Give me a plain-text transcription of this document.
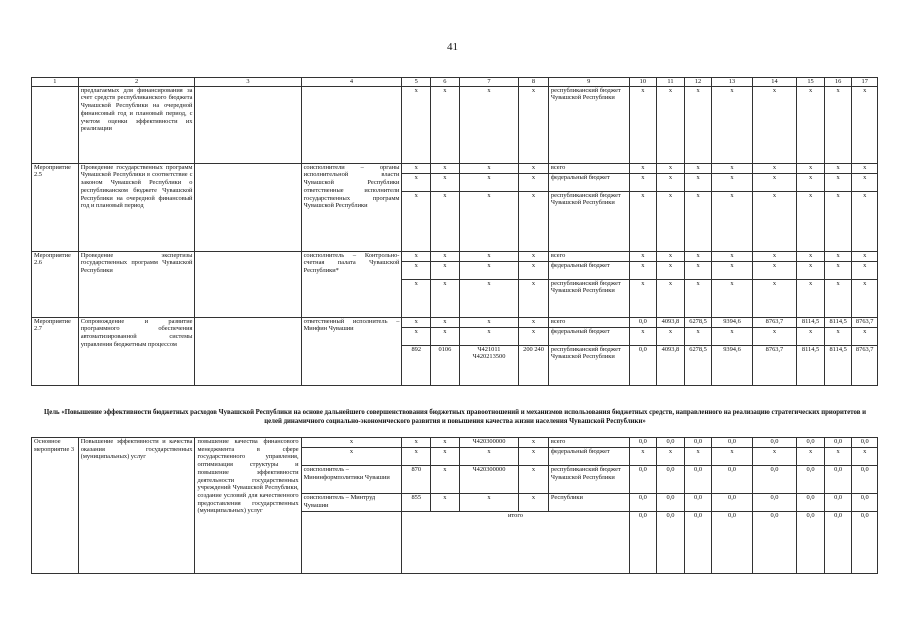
41
1	2	3	4	5	6	7	8	9	10	11	12	13	14	15	16	17
	предлагаемых для финансирования за счет средств республиканского бюджета Чувашской Республики на очередной финансовый год и плановый период, с учетом оценки эффективности их реализации			x	x	x	x	республиканский бюджет Чувашской Республики	x	x	x	x	x	x	x	x
Мероприятие 2.5	Проведение государственных программ Чувашской Республики в соответствие с законом Чувашской Республики о республиканском бюджете Чувашской Республики на очередной финансовый год и плановый период		соисполнители – органы исполнительной власти Чувашской Республики ответственные исполнители государственных программ Чувашской Республики	x	x	x	x	всего	x	x	x	x	x	x	x	x
				x	x	x	x	федеральный бюджет	x	x	x	x	x	x	x	x
				x	x	x	x	республиканский бюджет Чувашской Республики	x	x	x	x	x	x	x	x
Мероприятие 2.6	Проведение экспертизы государственных программ Чувашской Республики		соисполнитель – Контрольно-счетная палата Чувашской Республики*	x	x	x	x	всего	x	x	x	x	x	x	x	x
				x	x	x	x	федеральный бюджет	x	x	x	x	x	x	x	x
				x	x	x	x	республиканский бюджет Чувашской Республики	x	x	x	x	x	x	x	x
Мероприятие 2.7	Сопровождение и развитие программного обеспечения автоматизированной системы управления бюджетным процессом		ответственный исполнитель – Минфин Чувашии	x	x	x	x	всего	0,0	4093,8	6278,5	9394,6	8763,7	8114,5	8114,5	8763,7
				x	x	x	x	федеральный бюджет	x	x	x	x	x	x	x	x
				892	0106	Ч421011 Ч420213500	200 240	республиканский бюджет Чувашской Республики	0,0	4093,8	6278,5	9394,6	8763,7	8114,5	8114,5	8763,7
Цель «Повышение эффективности бюджетных расходов Чувашской Республики на основе дальнейшего совершенствования бюджетных правоотношений и механизмов использования бюджетных средств, направленного на реализацию стратегических приоритетов и целей динамичного социально-экономического развития и повышения качества жизни населения Чувашской Республики»
Основное мероприятие 3	Повышение эффективности и качества оказания государственных (муниципальных) услуг	повышение качества финансового менеджмента в сфере государственного управления, оптимизация структуры и повышение эффективности деятельности государственных учреждений Чувашской Республики, создание условий для качественного предоставления государственных (муниципальных) услуг	x	x	x	Ч420300000	x	всего	0,0	0,0	0,0	0,0	0,0	0,0	0,0	0,0
			x	x	x	x	x	федеральный бюджет	x	x	x	x	x	x	x	x
			соисполнитель – Мининформполитики Чувашии	870	x	Ч420300000	x	республиканский бюджет Чувашской Республики	0,0	0,0	0,0	0,0	0,0	0,0	0,0	0,0
			соисполнитель – Минтруд Чувашии	855	x	x	x	Республики	0,0	0,0	0,0	0,0	0,0	0,0	0,0	0,0
				итого					0,0	0,0	0,0	0,0	0,0	0,0	0,0	0,0
